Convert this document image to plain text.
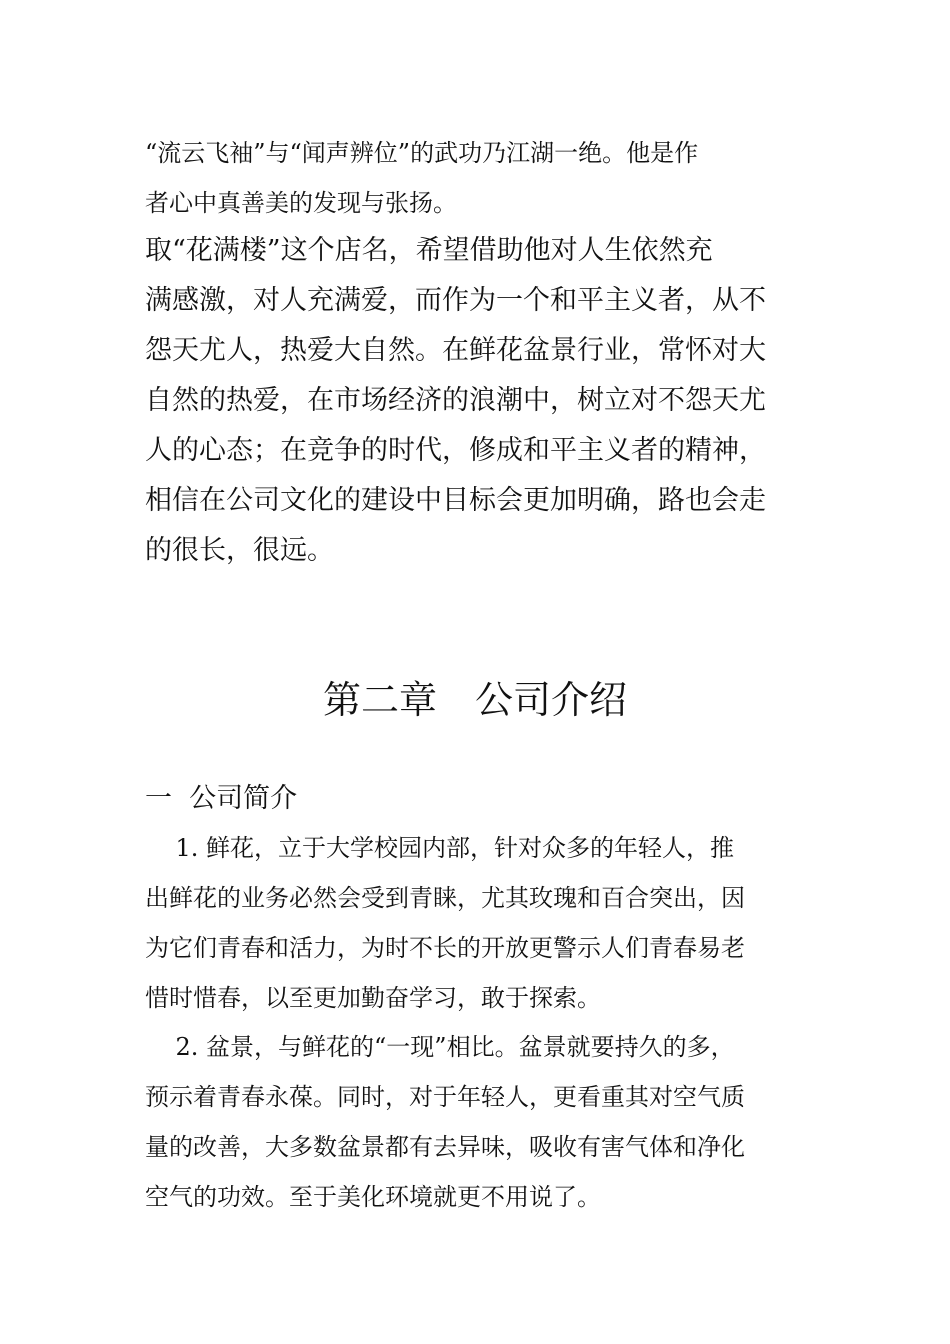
“流云飞袖”与“闻声辨位”的武功乃江湖一绝。他是作
者心中真善美的发现与张扬。
取“花满楼”这个店名，希望借助他对人生依然充
满感激，对人充满爱，而作为一个和平主义者，从不
怨天尤人，热爱大自然。在鲜花盆景行业，常怀对大
自然的热爱，在市场经济的浪潮中，树立对不怨天尤
人的心态；在竞争的时代，修成和平主义者的精神，
相信在公司文化的建设中目标会更加明确，路也会走
的很长，很远。
第二章　公司介绍
一  公司简介
1. 鲜花，立于大学校园内部，针对众多的年轻人，推
出鲜花的业务必然会受到青睐，尤其玫瑰和百合突出，因
为它们青春和活力，为时不长的开放更警示人们青春易老
惜时惜春，以至更加勤奋学习，敢于探索。
2. 盆景，与鲜花的“一现”相比。盆景就要持久的多，
预示着青春永葆。同时，对于年轻人，更看重其对空气质
量的改善，大多数盆景都有去异味，吸收有害气体和净化
空气的功效。至于美化环境就更不用说了。
